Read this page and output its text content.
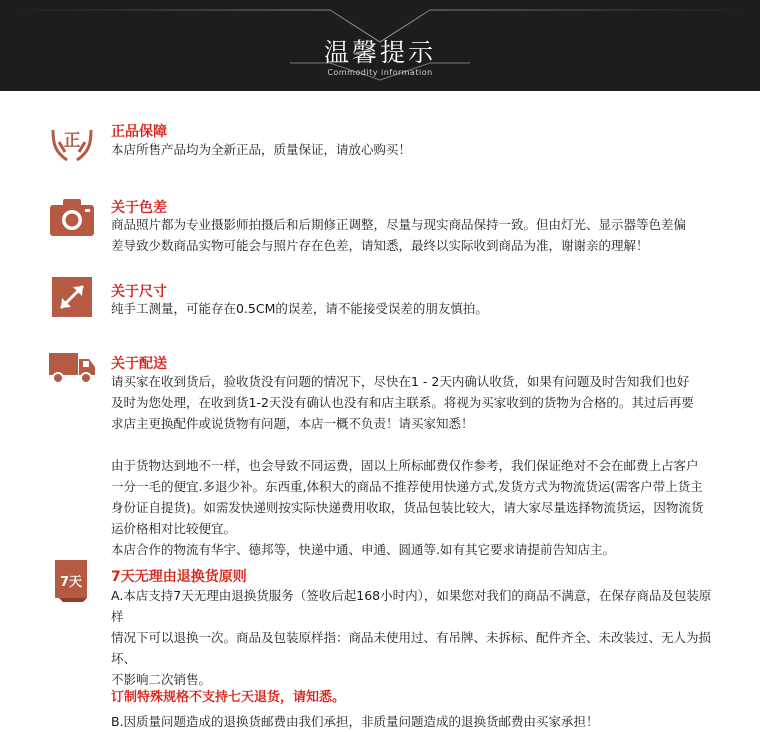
温馨提示
Commodity information
正 正品保障

本店所售产品均为全新正品，质量保证，请放心购买！

关于色差

商品照片都为专业摄影师拍摄后和后期修正调整，尽量与现实商品保持一致。但由灯光、显示器等色差偏

差导致少数商品实物可能会与照片存在色差，请知悉，最终以实际收到商品为准，谢谢亲的理解！

关于尺寸

纯手工测量，可能存在0.5CM的误差，请不能接受误差的朋友慎拍。

关于配送

请买家在收到货后，验收货没有问题的情况下，尽快在1 - 2天内确认收货，如果有问题及时告知我们也好

及时为您处理，在收到货1-2天没有确认也没有和店主联系。将视为买家收到的货物为合格的。其过后再要

求店主更换配件或说货物有问题，本店一概不负责！请买家知悉！

由于货物达到地不一样，也会导致不同运费，固以上所标邮费仅作参考，我们保证绝对不会在邮费上占客户

一分一毛的便宜.多退少补。东西重,体积大的商品不推荐使用快递方式,发货方式为物流货运(需客户带上货主

身份证自提货)。如需发快递则按实际快递费用收取，货品包装比较大，请大家尽量选择物流货运，因物流货

运价格相对比较便宜。

本店合作的物流有华宇、德邦等，快递中通、申通、圆通等.如有其它要求请提前告知店主。

7天 7天无理由退换货原则

A.本店支持7天无理由退换货服务（签收后起168小时内），如果您对我们的商品不满意，在保存商品及包装原样

情况下可以退换一次。商品及包装原样指：商品未使用过、有吊牌、未拆标、配件齐全、未改装过、无人为损坏、

不影响二次销售。

B.因质量问题造成的退换货邮费由我们承担，非质量问题造成的退换货邮费由买家承担！

订制特殊规格不支持七天退货，请知悉。
